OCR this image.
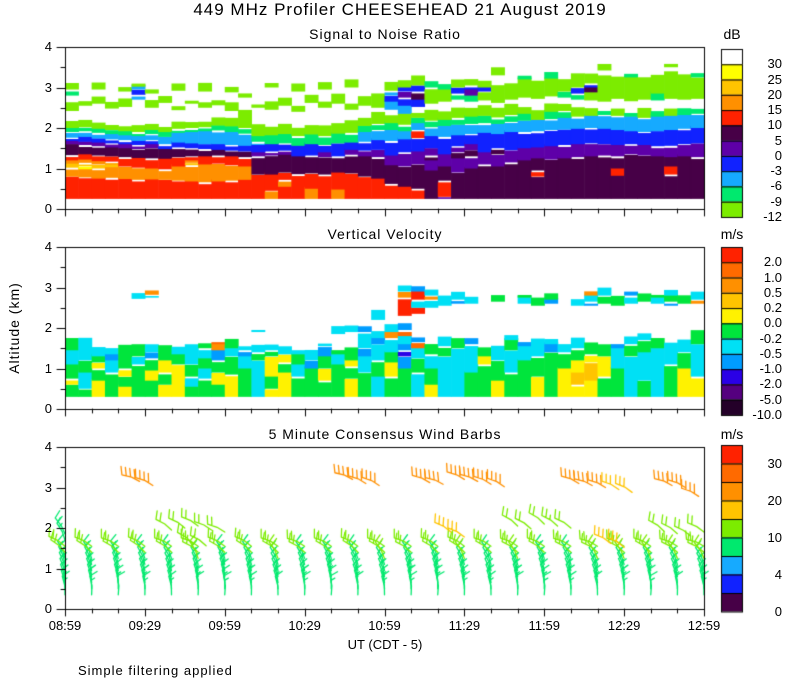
449 MHz Profiler CHEESEHEAD 21 August 2019
Signal to Noise Ratio
Vertical Velocity
5 Minute Consensus Wind Barbs
dB
m/s
m/s
Altitude (km)
UT (CDT - 5)
Simple filtering applied
30
25
20
15
10
5
0
-3
-6
-9
-12
2.0
1.0
0.5
0.2
0.0
-0.2
-0.5
-1.0
-2.0
-5.0
-10.0
30
20
10
4
0
08:59	09:29	09:59	10:29	10:59	11:29	11:59	12:29	12:59
0
1
2
3
4
0
1
2
3
4
0
1
2
3
4
